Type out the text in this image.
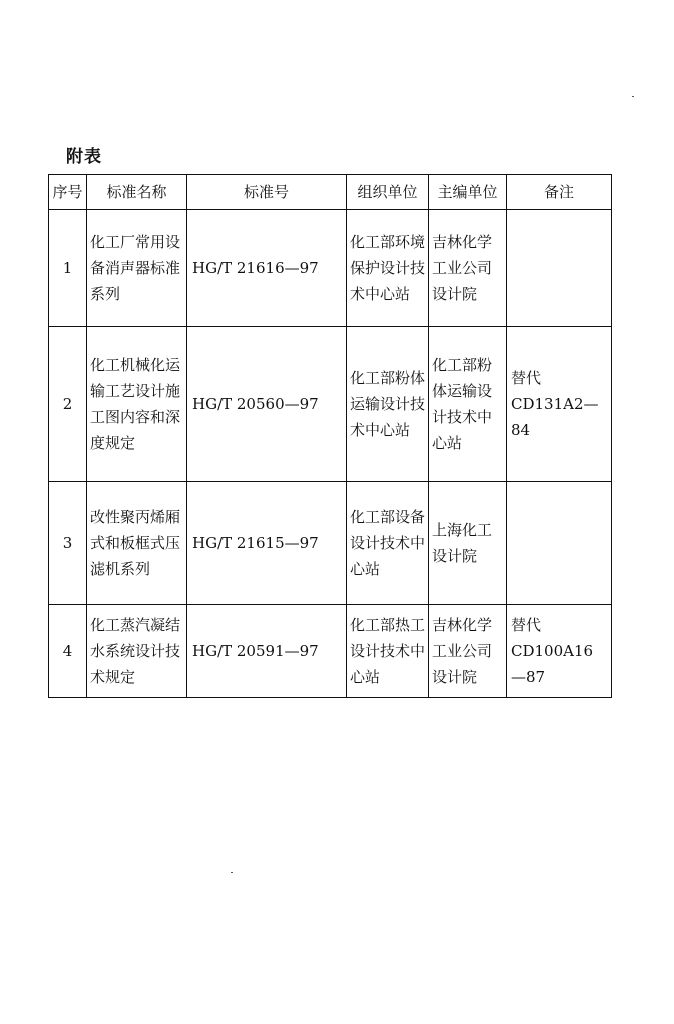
附表
序号	标准名称	标准号	组织单位	主编单位	备注
1	化工厂常用设备消声器标准系列	HG/T 21616—97	化工部环境保护设计技术中心站	吉林化学工业公司设计院	
2	化工机械化运输工艺设计施工图内容和深度规定	HG/T 20560—97	化工部粉体运输设计技术中心站	化工部粉体运输设计技术中心站	替代 CD131A2—84
3	改性聚丙烯厢式和板框式压滤机系列	HG/T 21615—97	化工部设备设计技术中心站	上海化工设计院	
4	化工蒸汽凝结水系统设计技术规定	HG/T 20591—97	化工部热工设计技术中心站	吉林化学工业公司设计院	替代 CD100A16—87
